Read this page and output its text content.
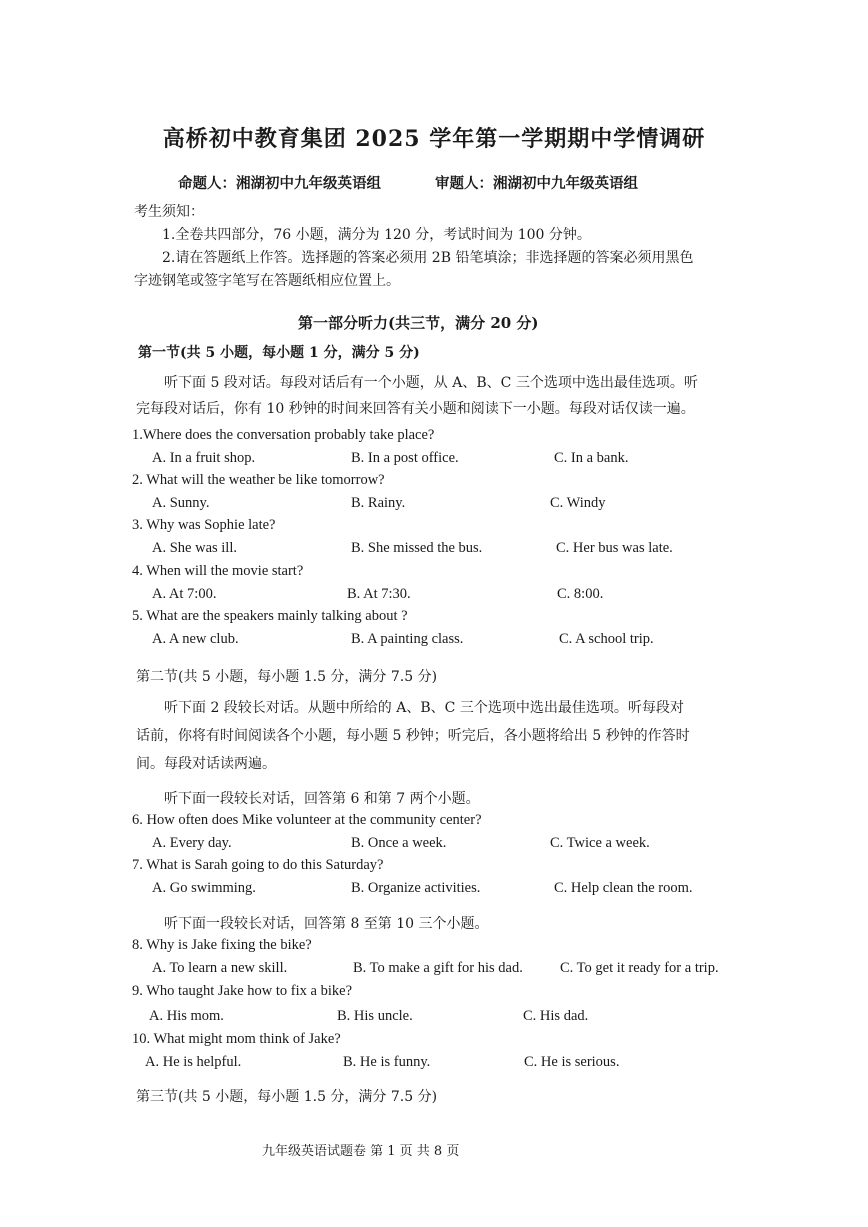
高桥初中教育集团 2025 学年第一学期期中学情调研
命题人：湘湖初中九年级英语组	审题人：湘湖初中九年级英语组
考生须知：
1.全卷共四部分，76 小题，满分为 120 分，考试时间为 100 分钟。
2.请在答题纸上作答。选择题的答案必须用 2B 铅笔填涂；非选择题的答案必须用黑色
字迹钢笔或签字笔写在答题纸相应位置上。
第一部分听力(共三节，满分 20 分)
第一节(共 5 小题，每小题 1 分，满分 5 分)
听下面 5 段对话。每段对话后有一个小题，从 A、B、C 三个选项中选出最佳选项。听
完每段对话后，你有 10 秒钟的时间来回答有关小题和阅读下一小题。每段对话仅读一遍。
1.Where does the conversation probably take place?
A. In a fruit shop.	B. In a post office.	C. In a bank.
2. What will the weather be like tomorrow?
A. Sunny.	B. Rainy.	C. Windy
3. Why was Sophie late?
A. She was ill.	B. She missed the bus.	C. Her bus was late.
4. When will the movie start?
A. At 7:00.	B. At 7:30.	C. 8:00.
5. What are the speakers mainly talking about ?
A. A new club.	B. A painting class.	C. A school trip.
第二节(共 5 小题，每小题 1.5 分，满分 7.5 分)
听下面 2 段较长对话。从题中所给的 A、B、C 三个选项中选出最佳选项。听每段对
话前，你将有时间阅读各个小题，每小题 5 秒钟；听完后，各小题将给出 5 秒钟的作答时
间。每段对话读两遍。
听下面一段较长对话，回答第 6 和第 7 两个小题。
6. How often does Mike volunteer at the community center?
A. Every day.	B. Once a week.	C. Twice a week.
7. What is Sarah going to do this Saturday?
A. Go swimming.	B. Organize activities.	C. Help clean the room.
听下面一段较长对话，回答第 8 至第 10 三个小题。
8. Why is Jake fixing the bike?
A. To learn a new skill.	B. To make a gift for his dad.	C. To get it ready for a trip.
9. Who taught Jake how to fix a bike?
A. His mom.	B. His uncle.	C. His dad.
10. What might mom think of Jake?
A. He is helpful.	B. He is funny.	C. He is serious.
第三节(共 5 小题，每小题 1.5 分，满分 7.5 分)
九年级英语试题卷 第 1 页 共 8 页
